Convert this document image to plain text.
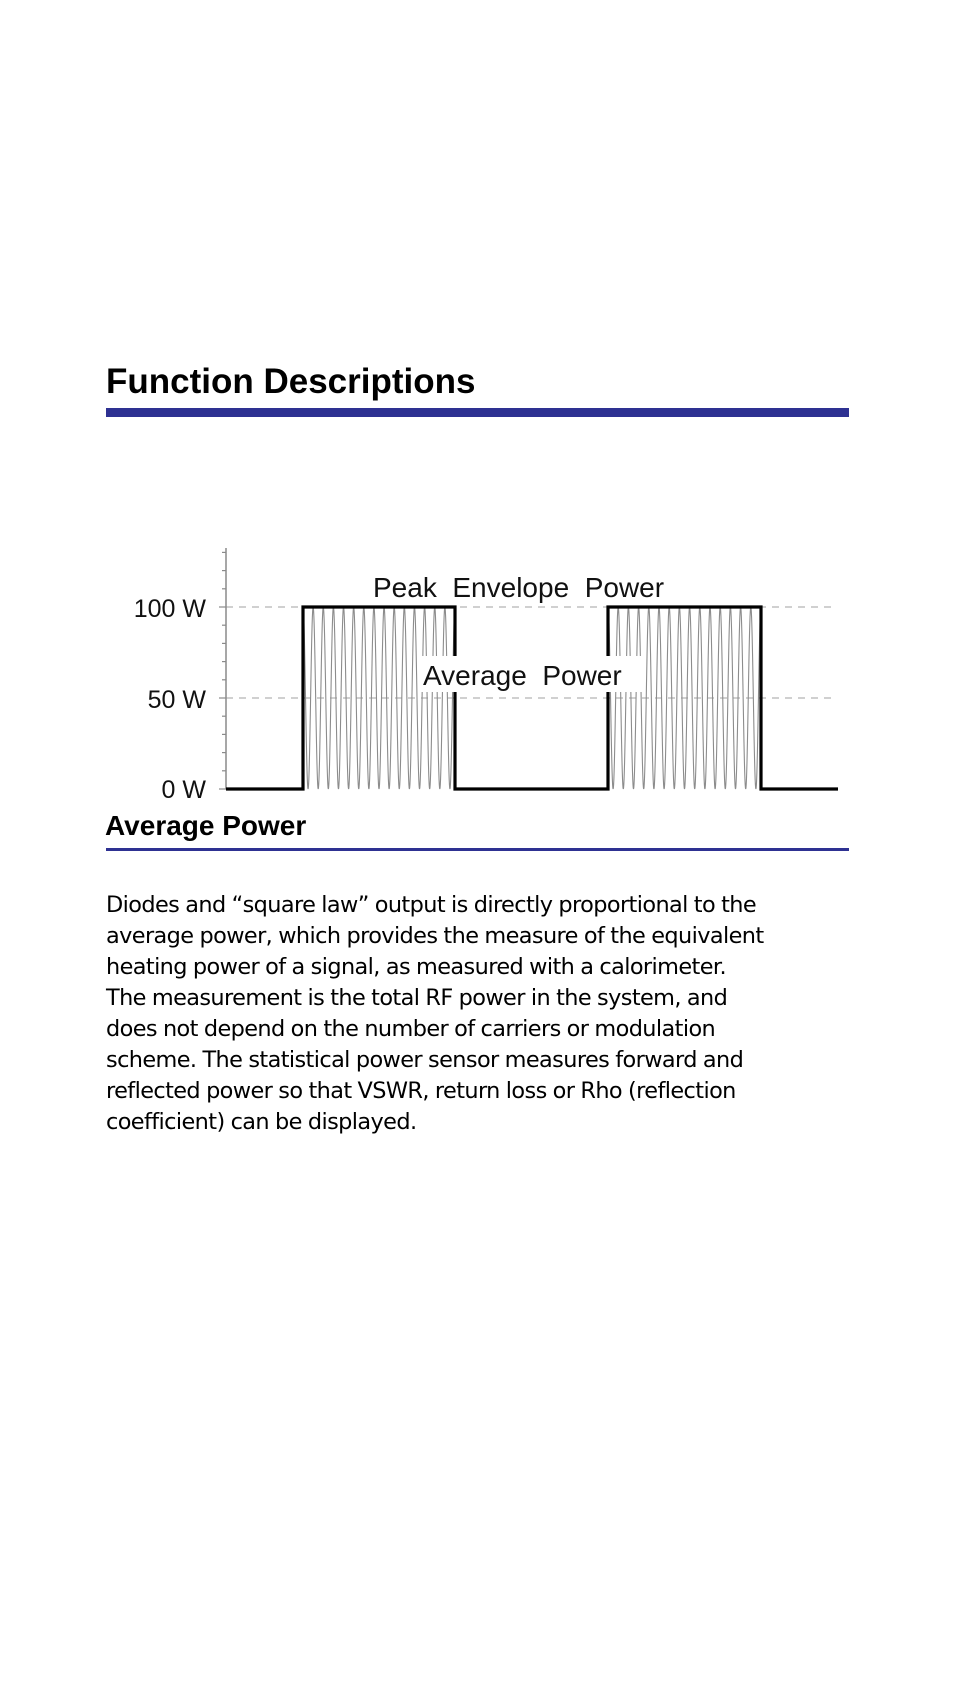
Function Descriptions
100 W
50 W
0 W
Peak  Envelope  Power
Average  Power
Average Power
Diodes and “square law” output is directly proportional to the
average power, which provides the measure of the equivalent
heating power of a signal, as measured with a calorimeter.
The measurement is the total RF power in the system, and
does not depend on the number of carriers or modulation
scheme. The statistical power sensor measures forward and
reflected power so that VSWR, return loss or Rho (reflection
coefficient) can be displayed.
